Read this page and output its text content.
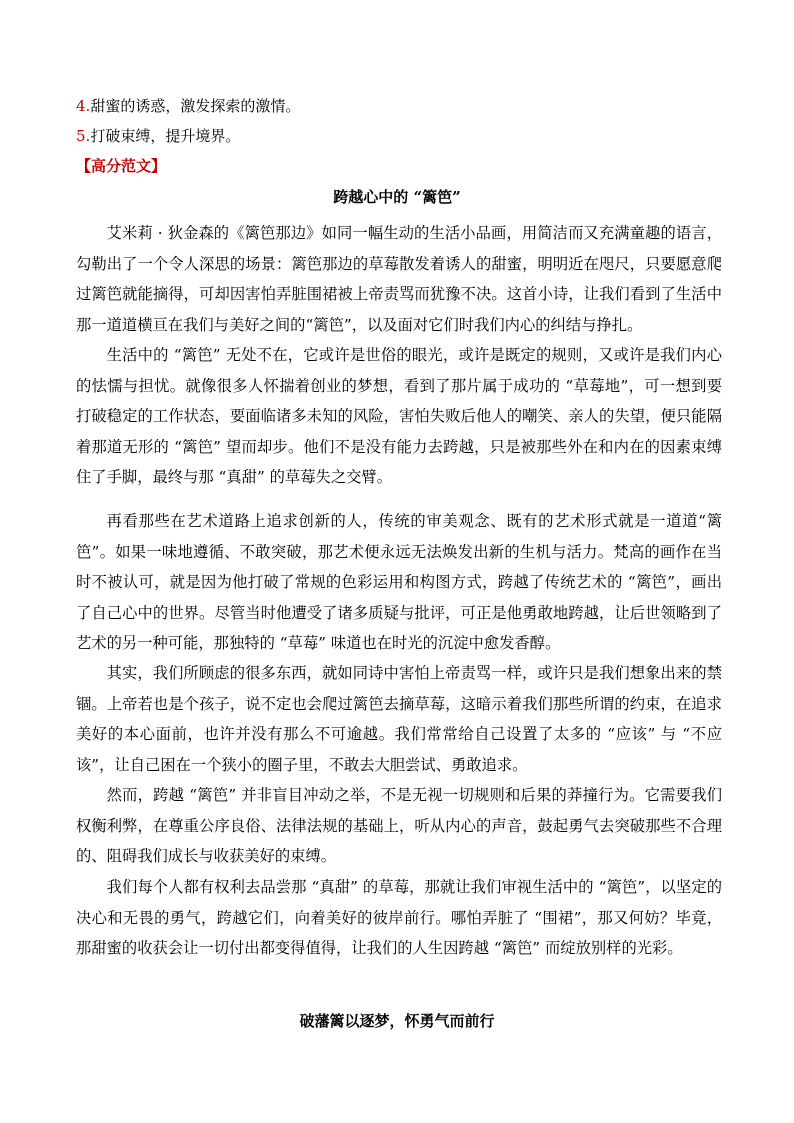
4.甜蜜的诱惑，激发探索的激情。
5.打破束缚，提升境界。
【高分范文】
跨越心中的 “篱笆”

艾米莉 · 狄金森的《篱笆那边》如同一幅生动的生活小品画，用简洁而又充满童趣的语言，勾勒出了一个令人深思的场景：篱笆那边的草莓散发着诱人的甜蜜，明明近在咫尺，只要愿意爬过篱笆就能摘得，可却因害怕弄脏围裙被上帝责骂而犹豫不决。这首小诗，让我们看到了生活中那一道道横亘在我们与美好之间的“篱笆”，以及面对它们时我们内心的纠结与挣扎。

生活中的 “篱笆” 无处不在，它或许是世俗的眼光，或许是既定的规则，又或许是我们内心的怯懦与担忧。就像很多人怀揣着创业的梦想，看到了那片属于成功的 “草莓地”，可一想到要打破稳定的工作状态，要面临诸多未知的风险，害怕失败后他人的嘲笑、亲人的失望，便只能隔着那道无形的 “篱笆” 望而却步。他们不是没有能力去跨越，只是被那些外在和内在的因素束缚住了手脚，最终与那 “真甜” 的草莓失之交臂。

再看那些在艺术道路上追求创新的人，传统的审美观念、既有的艺术形式就是一道道“篱笆”。如果一味地遵循、不敢突破，那艺术便永远无法焕发出新的生机与活力。梵高的画作在当时不被认可，就是因为他打破了常规的色彩运用和构图方式，跨越了传统艺术的 “篱笆”，画出了自己心中的世界。尽管当时他遭受了诸多质疑与批评，可正是他勇敢地跨越，让后世领略到了艺术的另一种可能，那独特的 “草莓” 味道也在时光的沉淀中愈发香醇。

其实，我们所顾虑的很多东西，就如同诗中害怕上帝责骂一样，或许只是我们想象出来的禁锢。上帝若也是个孩子，说不定也会爬过篱笆去摘草莓，这暗示着我们那些所谓的约束，在追求美好的本心面前，也许并没有那么不可逾越。我们常常给自己设置了太多的 “应该” 与 “不应该”，让自己困在一个狭小的圈子里，不敢去大胆尝试、勇敢追求。

然而，跨越 “篱笆” 并非盲目冲动之举，不是无视一切规则和后果的莽撞行为。它需要我们权衡利弊，在尊重公序良俗、法律法规的基础上，听从内心的声音，鼓起勇气去突破那些不合理的、阻碍我们成长与收获美好的束缚。

我们每个人都有权利去品尝那 “真甜” 的草莓，那就让我们审视生活中的 “篱笆”，以坚定的决心和无畏的勇气，跨越它们，向着美好的彼岸前行。哪怕弄脏了 “围裙”，那又何妨？毕竟，那甜蜜的收获会让一切付出都变得值得，让我们的人生因跨越 “篱笆” 而绽放别样的光彩。

破藩篱以逐梦，怀勇气而前行
